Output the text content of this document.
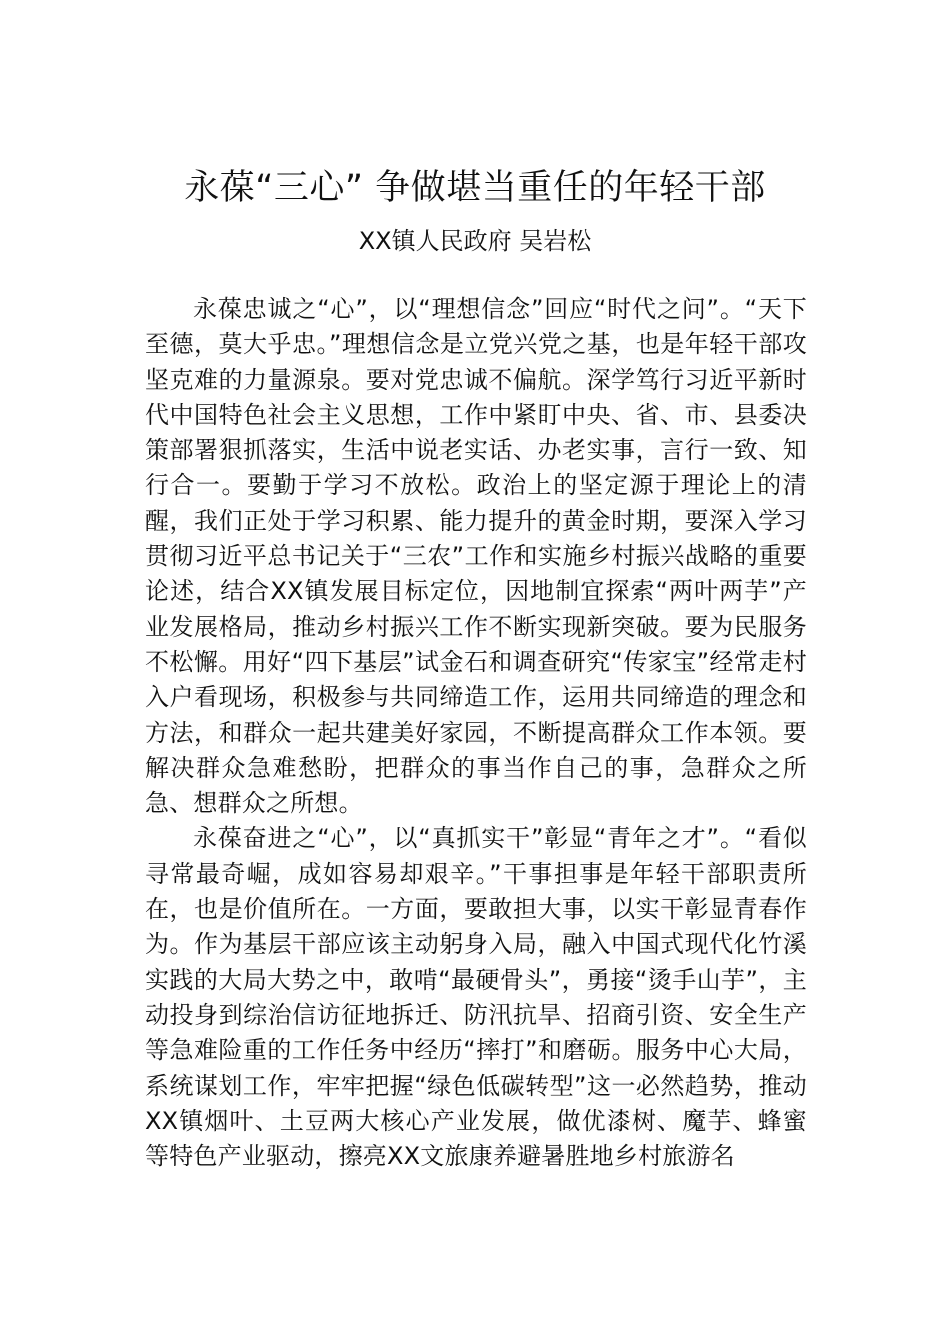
永葆“三心” 争做堪当重任的年轻干部
XX镇人民政府 吴岩松

永葆忠诚之“心”，以“理想信念”回应“时代之问”。“天下至德，莫大乎忠。”理想信念是立党兴党之基，也是年轻干部攻坚克难的力量源泉。要对党忠诚不偏航。深学笃行习近平新时代中国特色社会主义思想，工作中紧盯中央、省、市、县委决策部署狠抓落实，生活中说老实话、办老实事，言行一致、知行合一。要勤于学习不放松。政治上的坚定源于理论上的清醒，我们正处于学习积累、能力提升的黄金时期，要深入学习贯彻习近平总书记关于“三农”工作和实施乡村振兴战略的重要论述，结合XX镇发展目标定位，因地制宜探索“两叶两芋”产业发展格局，推动乡村振兴工作不断实现新突破。要为民服务不松懈。用好“四下基层”试金石和调查研究“传家宝”经常走村入户看现场，积极参与共同缔造工作，运用共同缔造的理念和方法，和群众一起共建美好家园，不断提高群众工作本领。要解决群众急难愁盼，把群众的事当作自己的事，急群众之所急、想群众之所想。

永葆奋进之“心”，以“真抓实干”彰显“青年之才”。“看似寻常最奇崛，成如容易却艰辛。”干事担事是年轻干部职责所在，也是价值所在。一方面，要敢担大事，以实干彰显青春作为。作为基层干部应该主动躬身入局，融入中国式现代化竹溪实践的大局大势之中，敢啃“最硬骨头”，勇接“烫手山芋”，主动投身到综治信访征地拆迁、防汛抗旱、招商引资、安全生产等急难险重的工作任务中经历“摔打”和磨砺。服务中心大局，系统谋划工作，牢牢把握“绿色低碳转型”这一必然趋势，推动XX镇烟叶、土豆两大核心产业发展，做优漆树、魔芋、蜂蜜等特色产业驱动，擦亮XX文旅康养避暑胜地乡村旅游名
